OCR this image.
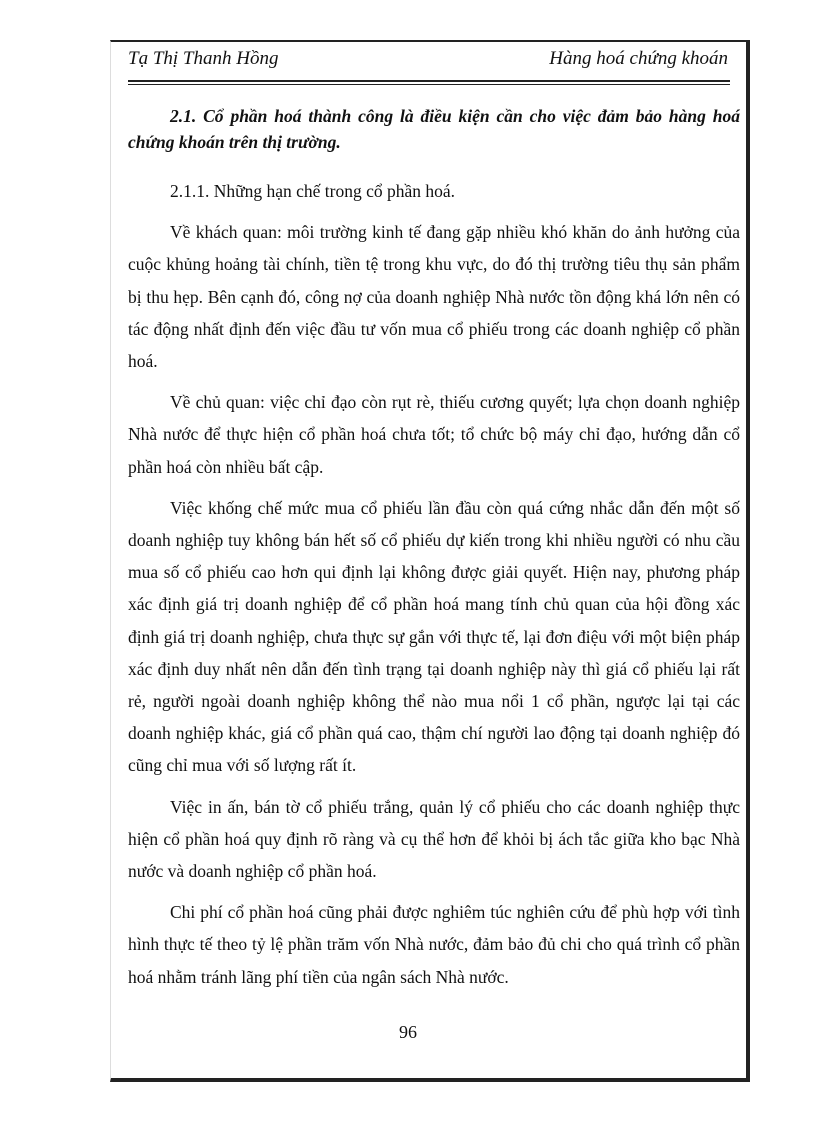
Tạ Thị Thanh Hồng	Hàng hoá chứng khoán

2.1. Cổ phần hoá thành công là điều kiện cần cho việc đảm bảo hàng hoá chứng khoán trên thị trường.

2.1.1. Những hạn chế trong cổ phần hoá.

Về khách quan: môi trường kinh tế đang gặp nhiều khó khăn do ảnh hưởng của cuộc khủng hoảng tài chính, tiền tệ trong khu vực, do đó thị trường tiêu thụ sản phẩm bị thu hẹp. Bên cạnh đó, công nợ của doanh nghiệp Nhà nước tồn động khá lớn nên có tác động nhất định đến việc đầu tư vốn mua cổ phiếu trong các doanh nghiệp cổ phần hoá.

Về chủ quan: việc chỉ đạo còn rụt rè, thiếu cương quyết; lựa chọn doanh nghiệp Nhà nước để thực hiện cổ phần hoá chưa tốt; tổ chức bộ máy chỉ đạo, hướng dẫn cổ phần hoá còn nhiều bất cập.

Việc khống chế mức mua cổ phiếu lần đầu còn quá cứng nhắc dẫn đến một số doanh nghiệp tuy không bán hết số cổ phiếu dự kiến trong khi nhiều người có nhu cầu mua số cổ phiếu cao hơn qui định lại không được giải quyết. Hiện nay, phương pháp xác định giá trị doanh nghiệp để cổ phần hoá mang tính chủ quan của hội đồng xác định giá trị doanh nghiệp, chưa thực sự gắn với thực tế, lại đơn điệu với một biện pháp xác định duy nhất nên dẫn đến tình trạng tại doanh nghiệp này thì giá cổ phiếu lại rất rẻ, người ngoài doanh nghiệp không thể nào mua nổi 1 cổ phần, ngược lại tại các doanh nghiệp khác, giá cổ phần quá cao, thậm chí người lao động tại doanh nghiệp đó cũng chỉ mua với số lượng rất ít.

Việc in ấn, bán tờ cổ phiếu trắng, quản lý cổ phiếu cho các doanh nghiệp thực hiện cổ phần hoá quy định rõ ràng và cụ thể hơn để khỏi bị ách tắc giữa kho bạc Nhà nước và doanh nghiệp cổ phần hoá.

Chi phí cổ phần hoá cũng phải được nghiêm túc nghiên cứu để phù hợp với tình hình thực tế theo tỷ lệ phần trăm vốn Nhà nước, đảm bảo đủ chi cho quá trình cổ phần hoá nhằm tránh lãng phí tiền của ngân sách Nhà nước.

96
